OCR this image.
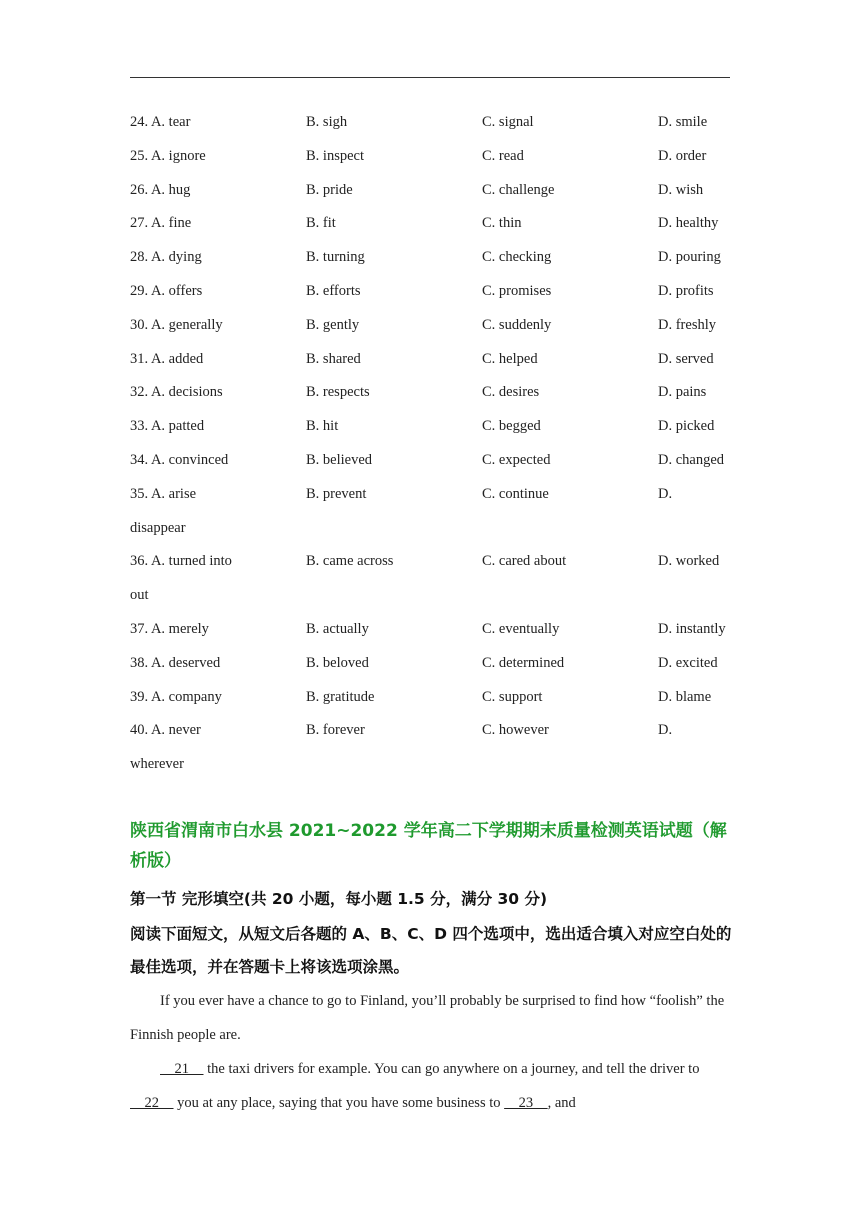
24. A. tear	B. sigh	C. signal	D. smile
25. A. ignore	B. inspect	C. read	D. order
26. A. hug	B. pride	C. challenge	D. wish
27. A. fine	B. fit	C. thin	D. healthy
28. A. dying	B. turning	C. checking	D. pouring
29. A. offers	B. efforts	C. promises	D. profits
30. A. generally	B. gently	C. suddenly	D. freshly
31. A. added	B. shared	C. helped	D. served
32. A. decisions	B. respects	C. desires	D. pains
33. A. patted	B. hit	C. begged	D. picked
34. A. convinced	B. believed	C. expected	D. changed
35. A. arise	B. prevent	C. continue	D.
disappear
36. A. turned into	B. came across	C. cared about	D. worked
out
37. A. merely	B. actually	C. eventually	D. instantly
38. A. deserved	B. beloved	C. determined	D. excited
39. A. company	B. gratitude	C. support	D. blame
40. A. never	B. forever	C. however	D.
wherever
陕西省渭南市白水县 2021~2022 学年高二下学期期末质量检测英语试题（解析版）
第一节 完形填空(共 20 小题，每小题 1.5 分，满分 30 分)
阅读下面短文，从短文后各题的 A、B、C、D 四个选项中，选出适合填入对应空白处的最佳选项，并在答题卡上将该选项涂黑。
If you ever have a chance to go to Finland, you’ll probably be surprised to find how “foolish” the Finnish people are.
21     the taxi drivers for example. You can go anywhere on a journey, and tell the driver to     22     you at any place, saying that you have some business to     23    , and
